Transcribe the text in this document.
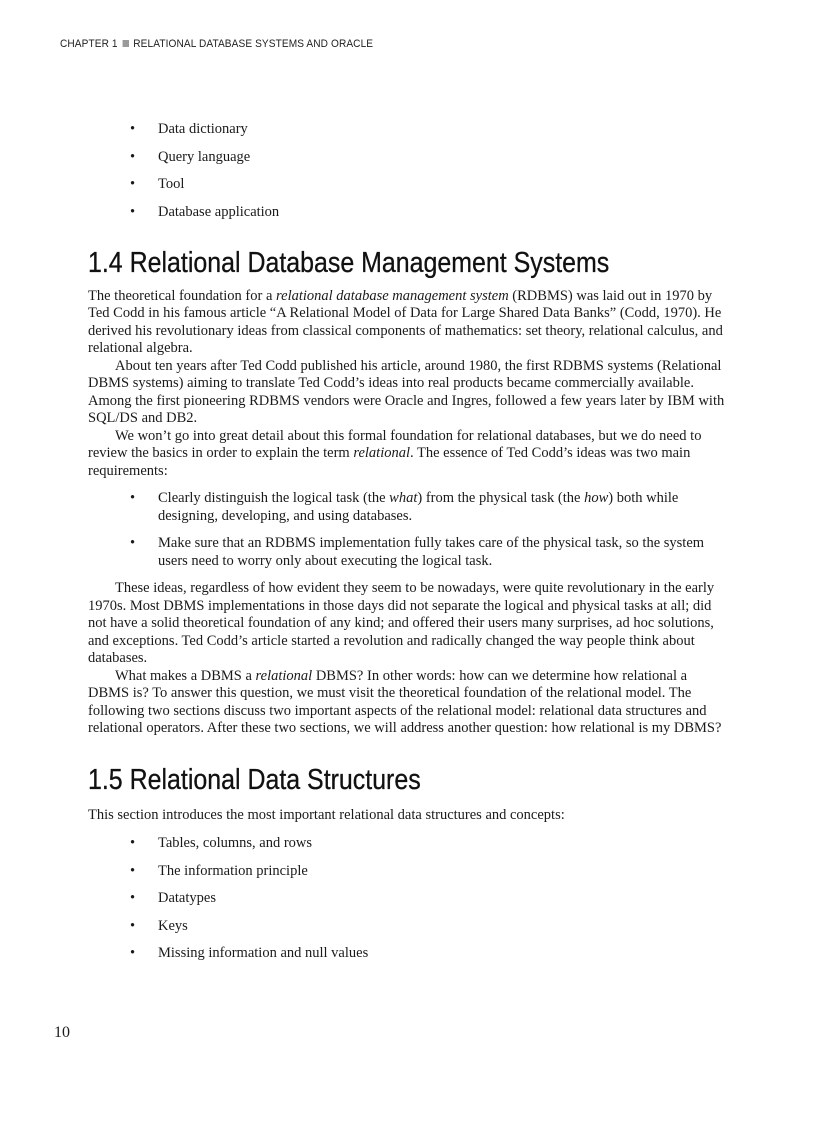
CHAPTER 1 RELATIONAL DATABASE SYSTEMS AND ORACLE
• Data dictionary
• Query language
• Tool
• Database application
1.4 Relational Database Management Systems

The theoretical foundation for a relational database management system (RDBMS) was laid out in 1970 by Ted Codd in his famous article “A Relational Model of Data for Large Shared Data Banks” (Codd, 1970). He derived his revolutionary ideas from classical components of mathematics: set theory, relational calculus, and relational algebra.

About ten years after Ted Codd published his article, around 1980, the first RDBMS systems (Relational DBMS systems) aiming to translate Ted Codd’s ideas into real products became commercially available. Among the first pioneering RDBMS vendors were Oracle and Ingres, followed a few years later by IBM with SQL/DS and DB2.

We won’t go into great detail about this formal foundation for relational databases, but we do need to review the basics in order to explain the term relational. The essence of Ted Codd’s ideas was two main requirements:

• Clearly distinguish the logical task (the what) from the physical task (the how) both while designing, developing, and using databases.
• Make sure that an RDBMS implementation fully takes care of the physical task, so the system users need to worry only about executing the logical task.

These ideas, regardless of how evident they seem to be nowadays, were quite revolutionary in the early 1970s. Most DBMS implementations in those days did not separate the logical and physical tasks at all; did not have a solid theoretical foundation of any kind; and offered their users many surprises, ad hoc solutions, and exceptions. Ted Codd’s article started a revolution and radically changed the way people think about databases.

What makes a DBMS a relational DBMS? In other words: how can we determine how relational a DBMS is? To answer this question, we must visit the theoretical foundation of the relational model. The following two sections discuss two important aspects of the relational model: relational data structures and relational operators. After these two sections, we will address another question: how relational is my DBMS?

1.5 Relational Data Structures

This section introduces the most important relational data structures and concepts:

• Tables, columns, and rows
• The information principle
• Datatypes
• Keys
• Missing information and null values
10
